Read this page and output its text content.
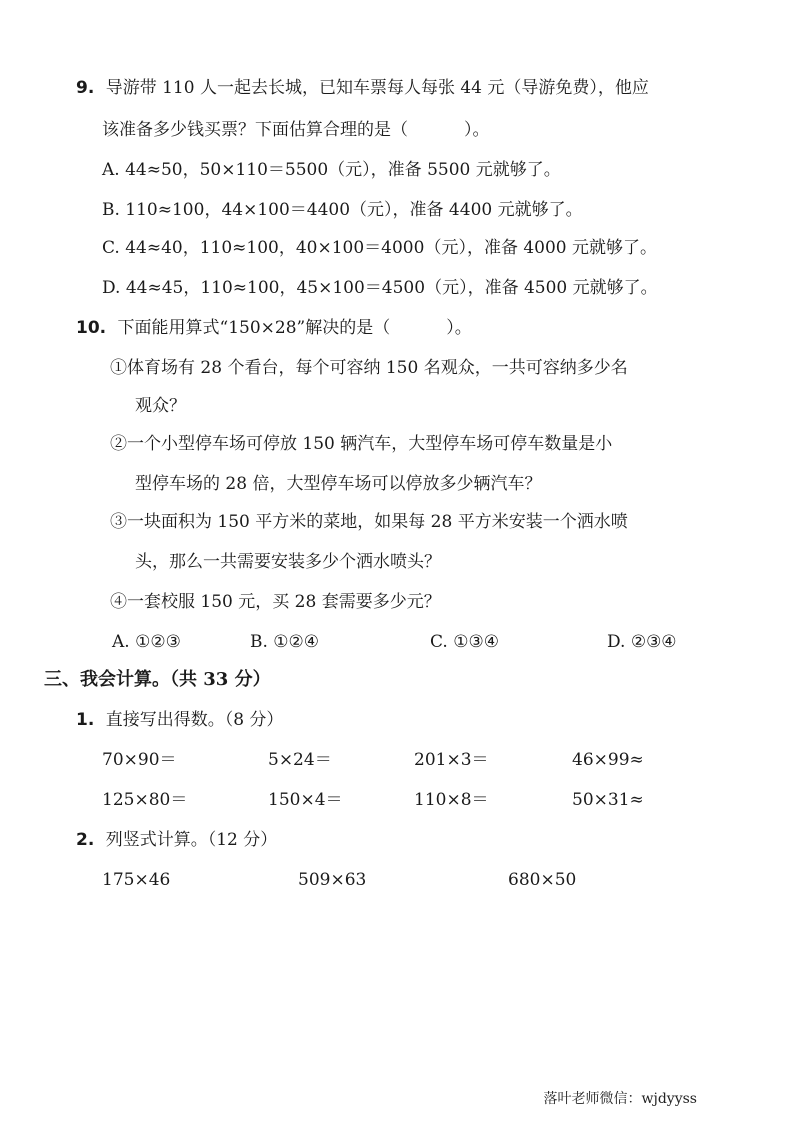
9. 导游带 110 人一起去长城，已知车票每人每张 44 元（导游免费），他应
该准备多少钱买票？下面估算合理的是（	）。
A. 44≈50，50×110＝5500（元），准备 5500 元就够了。
B. 110≈100，44×100＝4400（元），准备 4400 元就够了。
C. 44≈40，110≈100，40×100＝4000（元），准备 4000 元就够了。
D. 44≈45，110≈100，45×100＝4500（元），准备 4500 元就够了。
10. 下面能用算式“150×28”解决的是（	）。
①体育场有 28 个看台，每个可容纳 150 名观众，一共可容纳多少名
观众？
②一个小型停车场可停放 150 辆汽车，大型停车场可停车数量是小
型停车场的 28 倍，大型停车场可以停放多少辆汽车？
③一块面积为 150 平方米的菜地，如果每 28 平方米安装一个洒水喷
头，那么一共需要安装多少个洒水喷头？
④一套校服 150 元，买 28 套需要多少元？
A. ①②③	B. ①②④	C. ①③④	D. ②③④
三、我会计算。（共 33 分）
1. 直接写出得数。（8 分）
70×90＝	5×24＝	201×3＝	46×99≈
125×80＝	150×4＝	110×8＝	50×31≈
2. 列竖式计算。（12 分）
175×46	509×63	680×50
落叶老师微信：wjdyyss
